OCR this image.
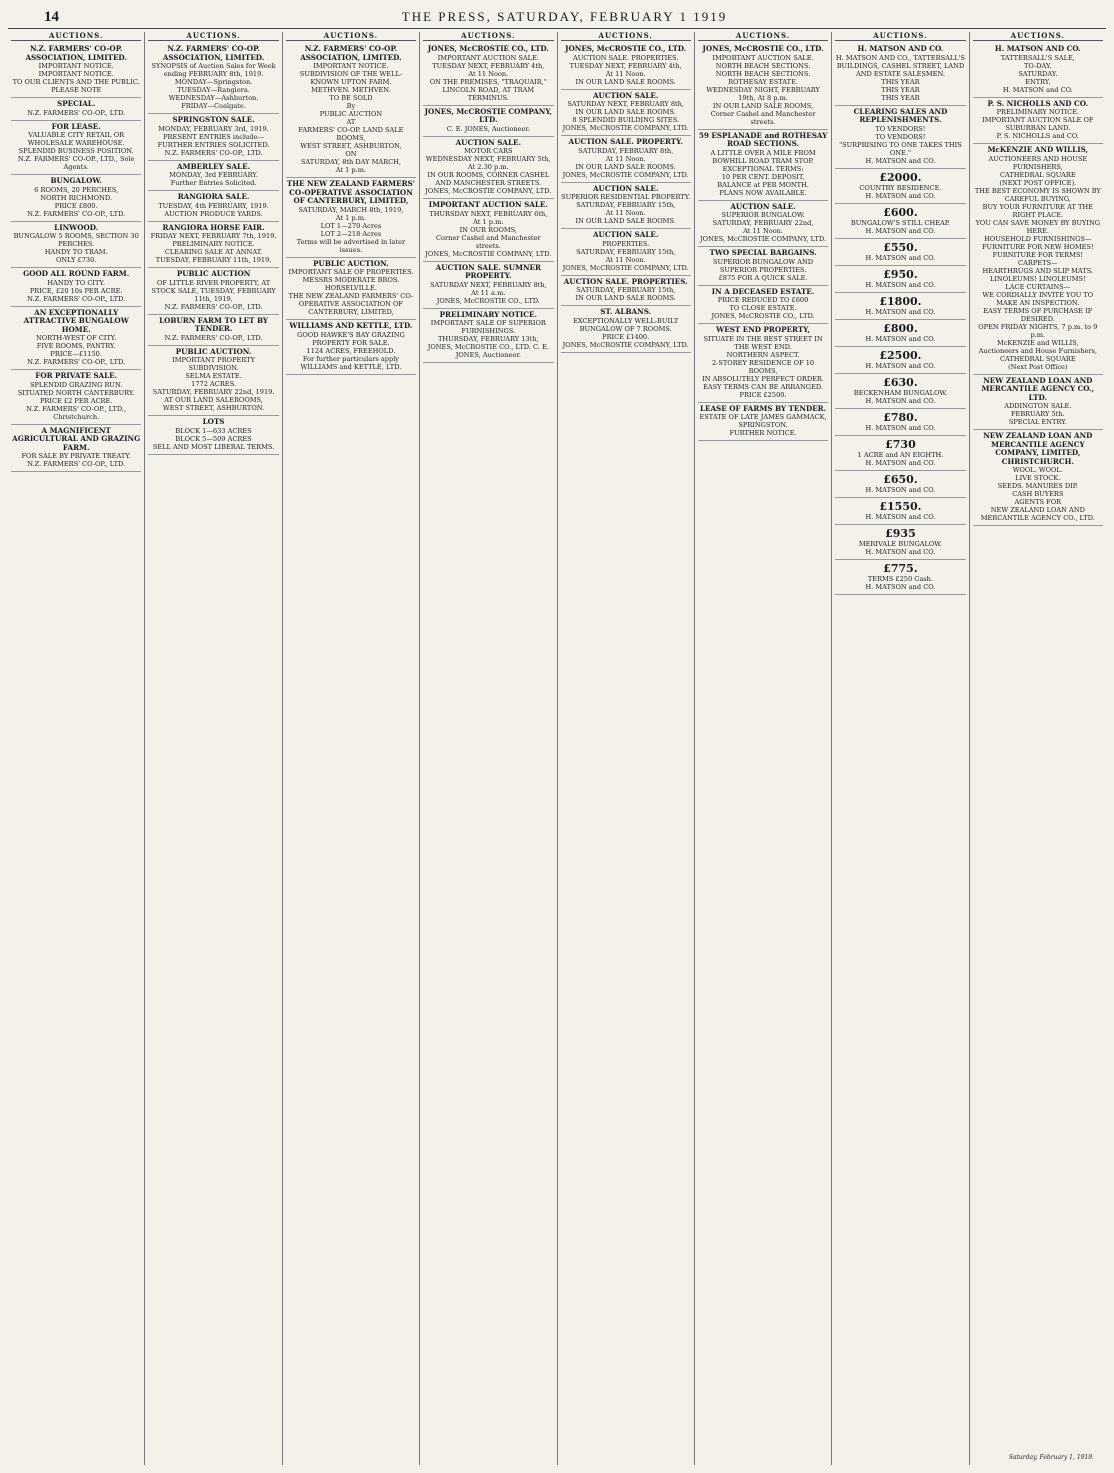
14	THE PRESS, SATURDAY, FEBRUARY 1 1919
AUCTIONS.
N.Z. FARMERS' CO-OP. ASSOCIATION, LIMITED.
IMPORTANT NOTICE.
IMPORTANT NOTICE.
TO OUR CLIENTS AND THE PUBLIC.
PLEASE NOTE
SPECIAL.
N.Z. FARMERS' CO-OP., LTD.
FOR LEASE.
VALUABLE CITY RETAIL OR WHOLESALE WAREHOUSE.
SPLENDID BUSINESS POSITION.
N.Z. FARMERS' CO-OP., LTD., Sole Agents.
BUNGALOW.
6 ROOMS, 20 PERCHES,
NORTH RICHMOND.
PRICE £800.
N.Z. FARMERS' CO-OP., LTD.
LINWOOD.
BUNGALOW 5 ROOMS, SECTION 30 PERCHES.
HANDY TO TRAM.
ONLY £730.
GOOD ALL ROUND FARM.
HANDY TO CITY.
PRICE, £20 10s PER ACRE.
N.Z. FARMERS' CO-OP., LTD.
AN EXCEPTIONALLY ATTRACTIVE BUNGALOW HOME.
NORTH-WEST OF CITY.
FIVE ROOMS, PANTRY.
PRICE—£1150.
N.Z. FARMERS' CO-OP., LTD.
FOR PRIVATE SALE.
SPLENDID GRAZING RUN.
SITUATED NORTH CANTERBURY.
PRICE £2 PER ACRE.
N.Z. FARMERS' CO-OP., LTD., Christchurch.
A MAGNIFICENT AGRICULTURAL AND GRAZING FARM.
FOR SALE BY PRIVATE TREATY.
N.Z. FARMERS' CO-OP., LTD.
AUCTIONS.
N.Z. FARMERS' CO-OP. ASSOCIATION, LIMITED.
SYNOPSIS of Auction Sales for Week ending FEBRUARY 8th, 1919.
MONDAY—Springston.
TUESDAY—Rangiora.
WEDNESDAY—Ashburton.
FRIDAY—Coalgate.
SPRINGSTON SALE.
MONDAY, FEBRUARY 3rd, 1919.
PRESENT ENTRIES include—
FURTHER ENTRIES SOLICITED.
N.Z. FARMERS' CO-OP., LTD.
AMBERLEY SALE.
MONDAY, 3rd FEBRUARY.
Further Entries Solicited.
RANGIORA SALE.
TUESDAY, 4th FEBRUARY, 1919.
AUCTION PRODUCE YARDS.
RANGIORA HORSE FAIR.
FRIDAY NEXT, FEBRUARY 7th, 1919.
PRELIMINARY NOTICE.
CLEARING SALE AT ANNAT.
TUESDAY, FEBRUARY 11th, 1919.
PUBLIC AUCTION
OF LITTLE RIVER PROPERTY, AT STOCK SALE, TUESDAY, FEBRUARY 11th, 1919.
N.Z. FARMERS' CO-OP., LTD.
LOBURN FARM TO LET BY TENDER.
N.Z. FARMERS' CO-OP., LTD.
PUBLIC AUCTION.
IMPORTANT PROPERTY SUBDIVISION.
SELMA ESTATE.
1772 ACRES.
SATURDAY, FEBRUARY 22nd, 1919.
AT OUR LAND SALEROOMS,
WEST STREET, ASHBURTON.
LOTS
BLOCK 1—633 ACRES
BLOCK 5—509 ACRES
SELL AND MOST LIBERAL TERMS.
AUCTIONS.
N.Z. FARMERS' CO-OP. ASSOCIATION, LIMITED.
IMPORTANT NOTICE.
SUBDIVISION OF THE WELL-KNOWN UPTON FARM.
METHVEN. METHVEN.
TO BE SOLD
By
PUBLIC AUCTION
AT
FARMERS' CO-OP. LAND SALE ROOMS,
WEST STREET, ASHBURTON,
ON
SATURDAY, 8th DAY MARCH,
At 1 p.m.
THE NEW ZEALAND FARMERS' CO-OPERATIVE ASSOCIATION OF CANTERBURY, LIMITED,
SATURDAY, MARCH 8th, 1919,
At 1 p.m.
LOT 1—270 Acres
LOT 2—218 Acres
Terms will be advertised in later issues.
PUBLIC AUCTION.
IMPORTANT SALE OF PROPERTIES.
MESSRS MODERATE BROS.
HORSELVILLE.
THE NEW ZEALAND FARMERS' CO-OPERATIVE ASSOCIATION OF CANTERBURY, LIMITED,
WILLIAMS AND KETTLE, LTD.
GOOD HAWKE'S BAY GRAZING PROPERTY FOR SALE.
1124 ACRES, FREEHOLD.
For further particulars apply
WILLIAMS and KETTLE, LTD.
AUCTIONS.
JONES, McCROSTIE CO., LTD.
IMPORTANT AUCTION SALE.
TUESDAY NEXT, FEBRUARY 4th,
At 11 Noon.
ON THE PREMISES, "TRAQUAIR,"
LINCOLN ROAD, AT TRAM TERMINUS.
JONES, McCROSTIE COMPANY, LTD.
C. E. JONES, Auctioneer.
AUCTION SALE.
MOTOR CARS
WEDNESDAY NEXT, FEBRUARY 5th,
At 2.30 p.m.
IN OUR ROOMS, CORNER CASHEL AND MANCHESTER STREETS.
JONES, McCROSTIE COMPANY, LTD.
IMPORTANT AUCTION SALE.
THURSDAY NEXT, FEBRUARY 6th,
At 1 p.m.
IN OUR ROOMS,
Corner Cashel and Manchester streets.
JONES, McCROSTIE COMPANY, LTD.
AUCTION SALE. SUMNER PROPERTY.
SATURDAY NEXT, FEBRUARY 8th,
At 11 a.m.
JONES, McCROSTIE CO., LTD.
PRELIMINARY NOTICE.
IMPORTANT SALE OF SUPERIOR FURNISHINGS.
THURSDAY, FEBRUARY 13th,
JONES, McCROSTIE CO., LTD. C. E. JONES, Auctioneer.
AUCTIONS.
JONES, McCROSTIE CO., LTD.
AUCTION SALE. PROPERTIES.
TUESDAY NEXT, FEBRUARY 4th,
At 11 Noon.
IN OUR LAND SALE ROOMS.
AUCTION SALE.
SATURDAY NEXT, FEBRUARY 8th,
IN OUR LAND SALE ROOMS.
8 SPLENDID BUILDING SITES.
JONES, McCROSTIE COMPANY, LTD.
AUCTION SALE. PROPERTY.
SATURDAY, FEBRUARY 8th,
At 11 Noon.
IN OUR LAND SALE ROOMS.
JONES, McCROSTIE COMPANY, LTD.
AUCTION SALE.
SUPERIOR RESIDENTIAL PROPERTY.
SATURDAY, FEBRUARY 15th,
At 11 Noon.
IN OUR LAND SALE ROOMS.
AUCTION SALE.
PROPERTIES.
SATURDAY, FEBRUARY 15th,
At 11 Noon.
JONES, McCROSTIE COMPANY, LTD.
AUCTION SALE. PROPERTIES.
SATURDAY, FEBRUARY 15th,
IN OUR LAND SALE ROOMS.
ST. ALBANS.
EXCEPTIONALLY WELL-BUILT BUNGALOW OF 7 ROOMS.
PRICE £1400.
JONES, McCROSTIE COMPANY, LTD.
AUCTIONS.
JONES, McCROSTIE CO., LTD.
IMPORTANT AUCTION SALE.
NORTH BEACH SECTIONS.
NORTH BEACH SECTIONS.
ROTHESAY ESTATE.
WEDNESDAY NIGHT, FEBRUARY 19th, At 8 p.m.
IN OUR LAND SALE ROOMS,
Corner Cashel and Manchester streets.
59 ESPLANADE and ROTHESAY ROAD SECTIONS.
A LITTLE OVER A MILE FROM BOWHILL ROAD TRAM STOP.
EXCEPTIONAL TERMS:
10 PER CENT. DEPOSIT,
BALANCE at PER MONTH.
PLANS NOW AVAILABLE.
AUCTION SALE.
SUPERIOR BUNGALOW.
SATURDAY, FEBRUARY 22nd,
At 11 Noon.
JONES, McCROSTIE COMPANY, LTD.
TWO SPECIAL BARGAINS.
SUPERIOR BUNGALOW AND SUPERIOR PROPERTIES.
£875 FOR A QUICK SALE.
IN A DECEASED ESTATE.
PRICE REDUCED TO £600
TO CLOSE ESTATE.
JONES, McCROSTIE CO., LTD.
WEST END PROPERTY,
SITUATE IN THE BEST STREET IN THE WEST END.
NORTHERN ASPECT.
2-STOREY RESIDENCE OF 10 ROOMS,
IN ABSOLUTELY PERFECT ORDER.
EASY TERMS CAN BE ARRANGED.
PRICE £2500.
LEASE OF FARMS BY TENDER.
ESTATE OF LATE JAMES GAMMACK, SPRINGSTON.
FURTHER NOTICE.
AUCTIONS.
H. MATSON AND CO.
H. MATSON AND CO., TATTERSALL'S BUILDINGS, CASHEL STREET, LAND AND ESTATE SALESMEN.
THIS YEAR
THIS YEAR
THIS YEAR
CLEARING SALES AND REPLENISHMENTS.
TO VENDORS!
TO VENDORS!
"SURPRISING TO ONE TAKES THIS ONE."
H. MATSON and CO.
£2000.
COUNTRY RESIDENCE.
H. MATSON and CO.
£600.
BUNGALOW'S STILL CHEAP.
H. MATSON and CO.
£550.
H. MATSON and CO.
£950.
H. MATSON and CO.
£1800.
H. MATSON and CO.
£800.
H. MATSON and CO.
£2500.
H. MATSON and CO.
£630.
BECKENHAM BUNGALOW.
H. MATSON and CO.
£780.
H. MATSON and CO.
£730
1 ACRE and AN EIGHTH.
H. MATSON and CO.
£650.
H. MATSON and CO.
£1550.
H. MATSON and CO.
£935
MERIVALE BUNGALOW.
H. MATSON and CO.
£775.
TERMS £250 Cash.
H. MATSON and CO.
AUCTIONS.
H. MATSON AND CO.
TATTERSALL'S SALE,
TO-DAY.
SATURDAY.
ENTRY.
H. MATSON and CO.
P. S. NICHOLLS AND CO.
PRELIMINARY NOTICE.
IMPORTANT AUCTION SALE OF SUBURBAN LAND.
P. S. NICHOLLS and CO.
McKENZIE AND WILLIS,
AUCTIONEERS AND HOUSE FURNISHERS,
CATHEDRAL SQUARE
(NEXT POST OFFICE).
THE BEST ECONOMY IS SHOWN BY CAREFUL BUYING.
BUY YOUR FURNITURE AT THE RIGHT PLACE.
YOU CAN SAVE MONEY BY BUYING HERE.
HOUSEHOLD FURNISHINGS—
FURNITURE FOR NEW HOMES!
FURNITURE FOR TERMS!
CARPETS—
HEARTHRUGS AND SLIP MATS.
LINOLEUMS! LINOLEUMS!
LACE CURTAINS—
WE CORDIALLY INVITE YOU TO MAKE AN INSPECTION.
EASY TERMS OF PURCHASE IF DESIRED.
OPEN FRIDAY NIGHTS, 7 p.m. to 9 p.m.
McKENZIE and WILLIS,
Auctioneers and House Furnishers,
CATHEDRAL SQUARE
(Next Post Office)
NEW ZEALAND LOAN AND MERCANTILE AGENCY CO., LTD.
ADDINGTON SALE.
FEBRUARY 5th.
SPECIAL ENTRY.
NEW ZEALAND LOAN AND MERCANTILE AGENCY COMPANY, LIMITED, CHRISTCHURCH.
WOOL. WOOL.
LIVE STOCK.
SEEDS. MANURES DIP.
CASH BUYERS
AGENTS FOR
NEW ZEALAND LOAN AND MERCANTILE AGENCY CO., LTD.
Saturday, February 1, 1919.
